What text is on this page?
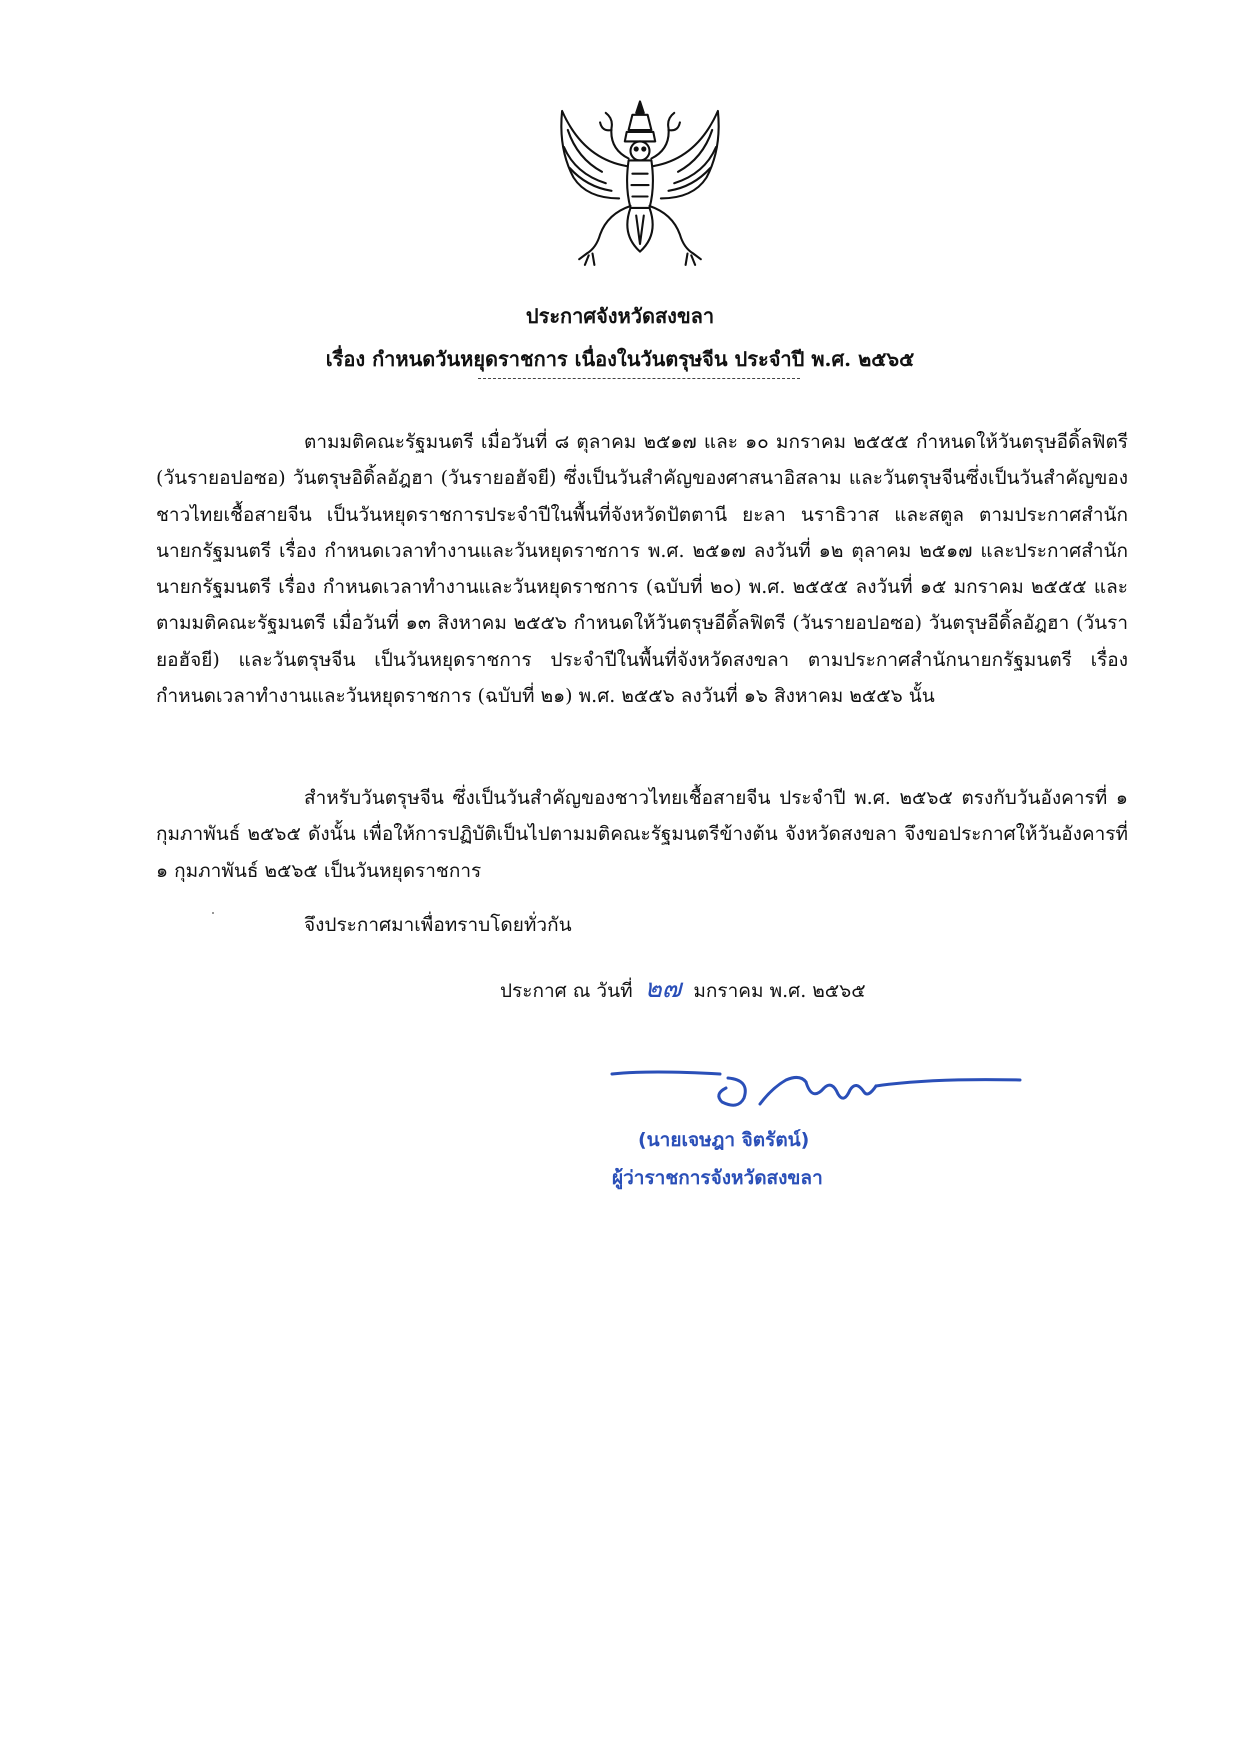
ประกาศจังหวัดสงขลา
เรื่อง กำหนดวันหยุดราชการ เนื่องในวันตรุษจีน ประจำปี พ.ศ. ๒๕๖๕

ตามมติคณะรัฐมนตรี เมื่อวันที่ ๘ ตุลาคม ๒๕๑๗ และ ๑๐ มกราคม ๒๕๕๕ กำหนดให้วันตรุษอีดิ้ลฟิตรี (วันรายอปอซอ) วันตรุษอิดิ้ลอัฎฮา (วันรายอฮัจยี) ซึ่งเป็นวันสำคัญของศาสนาอิสลาม และวันตรุษจีนซึ่งเป็นวันสำคัญของชาวไทยเชื้อสายจีน เป็นวันหยุดราชการประจำปีในพื้นที่จังหวัดปัตตานี ยะลา นราธิวาส และสตูล ตามประกาศสำนักนายกรัฐมนตรี เรื่อง กำหนดเวลาทำงานและวันหยุดราชการ พ.ศ. ๒๕๑๗ ลงวันที่ ๑๒ ตุลาคม ๒๕๑๗ และประกาศสำนักนายกรัฐมนตรี เรื่อง กำหนดเวลาทำงานและวันหยุดราชการ (ฉบับที่ ๒๐) พ.ศ. ๒๕๕๕ ลงวันที่ ๑๕ มกราคม ๒๕๕๕ และตามมติคณะรัฐมนตรี เมื่อวันที่ ๑๓ สิงหาคม ๒๕๕๖ กำหนดให้วันตรุษอีดิ้ลฟิตรี (วันรายอปอซอ) วันตรุษอีดิ้ลอัฎฮา (วันรายอฮัจยี) และวันตรุษจีน เป็นวันหยุดราชการ ประจำปีในพื้นที่จังหวัดสงขลา ตามประกาศสำนักนายกรัฐมนตรี เรื่อง กำหนดเวลาทำงานและวันหยุดราชการ (ฉบับที่ ๒๑) พ.ศ. ๒๕๕๖ ลงวันที่ ๑๖ สิงหาคม ๒๕๕๖ นั้น

สำหรับวันตรุษจีน ซึ่งเป็นวันสำคัญของชาวไทยเชื้อสายจีน ประจำปี พ.ศ. ๒๕๖๕ ตรงกับวันอังคารที่ ๑ กุมภาพันธ์ ๒๕๖๕ ดังนั้น เพื่อให้การปฏิบัติเป็นไปตามมติคณะรัฐมนตรีข้างต้น จังหวัดสงขลา จึงขอประกาศให้วันอังคารที่ ๑ กุมภาพันธ์ ๒๕๖๕ เป็นวันหยุดราชการ

จึงประกาศมาเพื่อทราบโดยทั่วกัน
ประกาศ ณ วันที่ ๒๗ มกราคม พ.ศ. ๒๕๖๕
(นายเจษฎา จิตรัตน์)
ผู้ว่าราชการจังหวัดสงขลา
